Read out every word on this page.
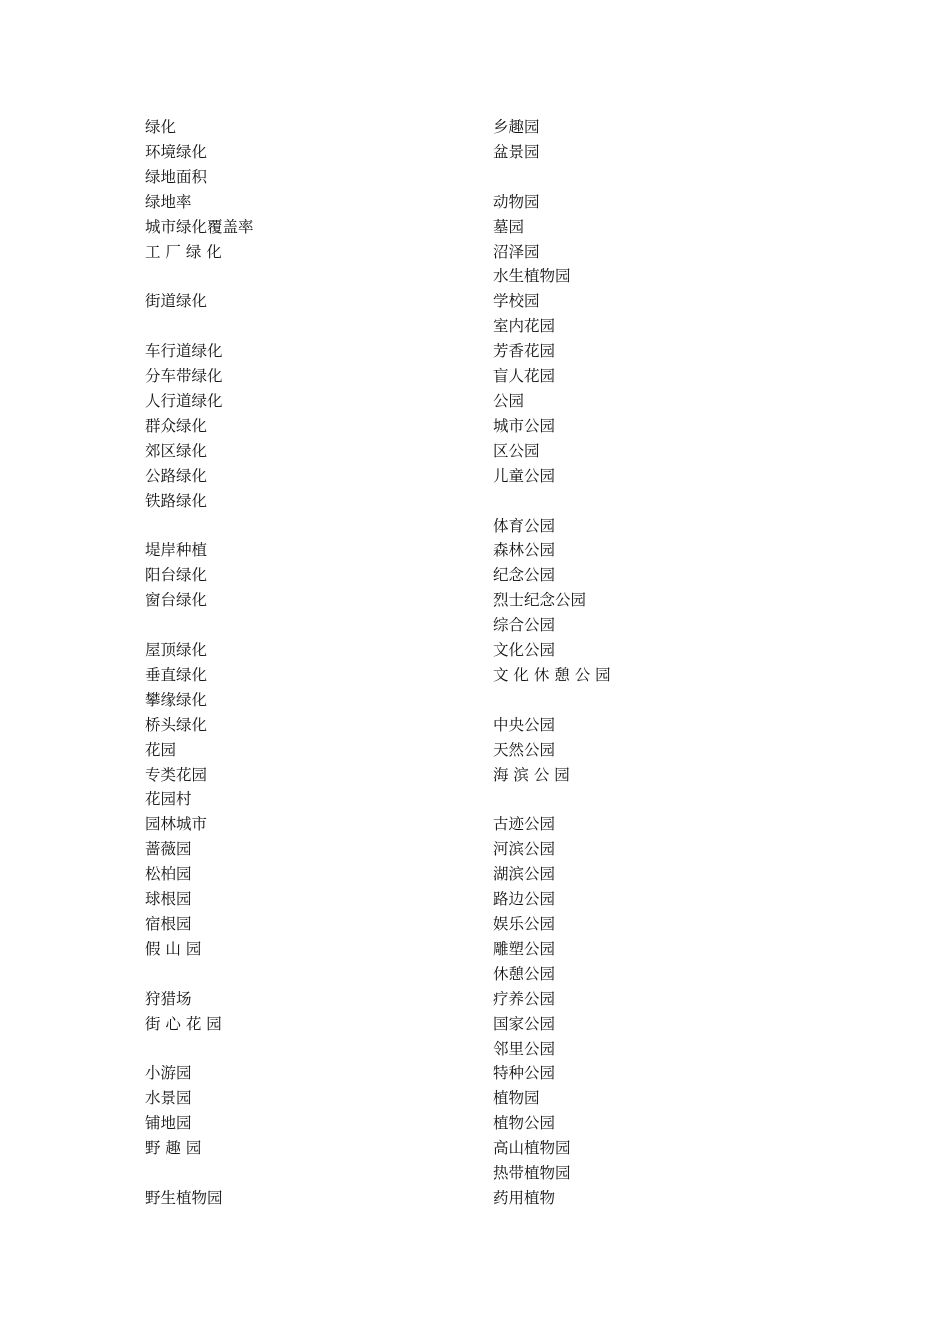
绿化
环境绿化
绿地面积
绿地率
城市绿化覆盖率
工 厂 绿 化
街道绿化
车行道绿化
分车带绿化
人行道绿化
群众绿化
郊区绿化
公路绿化
铁路绿化
堤岸种植
阳台绿化
窗台绿化
屋顶绿化
垂直绿化
攀缘绿化
桥头绿化
花园
专类花园
花园村
园林城市
蔷薇园
松柏园
球根园
宿根园
假 山 园
狩猎场
街 心 花 园
小游园
水景园
铺地园
野 趣 园
野生植物园
乡趣园
盆景园
动物园
墓园
沼泽园
水生植物园
学校园
室内花园
芳香花园
盲人花园
公园
城市公园
区公园
儿童公园
体育公园
森林公园
纪念公园
烈士纪念公园
综合公园
文化公园
文 化 休 憩 公 园
中央公园
天然公园
海 滨 公 园
古迹公园
河滨公园
湖滨公园
路边公园
娱乐公园
雕塑公园
休憩公园
疗养公园
国家公园
邻里公园
特种公园
植物园
植物公园
高山植物园
热带植物园
药用植物
